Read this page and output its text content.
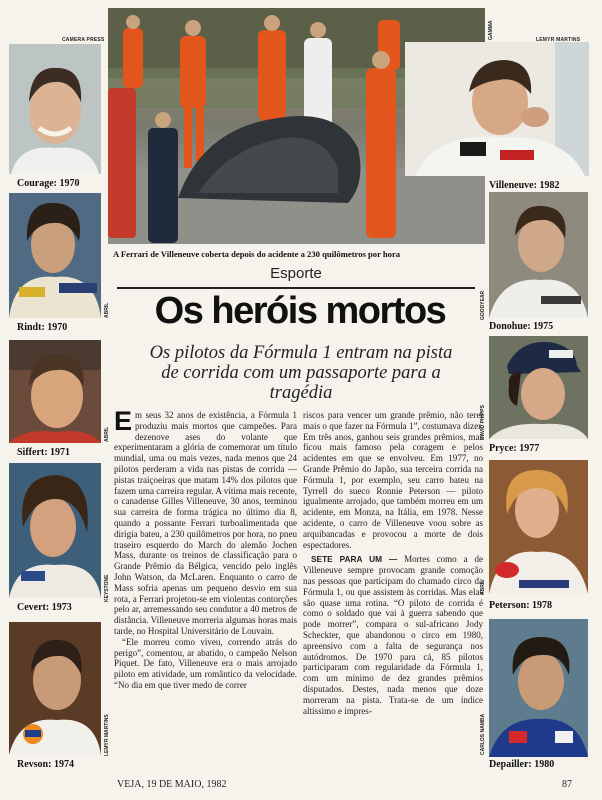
GAMMA
A Ferrari de Villeneuve coberta depois do acidente a 230 quilômetros por hora
LEMYR MARTINS
Villeneuve: 1982
CAMERA PRESS
Courage: 1970
ABRIL
Rindt: 1970
ABRIL
Siffert: 1971
KEYSTONE
Cevert: 1973
LEMYR MARTINS
Revson: 1974
GOODYEAR
Donohue: 1975
DAVID PHIPPS
Pryce: 1977
ABRIL
Peterson: 1978
CARLOS NAMBA
Depailler: 1980
Esporte
Os heróis mortos
Os pilotos da Fórmula 1 entram na pista de corrida com um passaporte para a tragédia

Em seus 32 anos de existência, a Fórmula 1 produziu mais mortos que campeões. Para dezenove ases do volante que experimentaram a glória de comemorar um título mundial, uma ou mais vezes, nada menos que 24 pilotos perderam a vida nas pistas de corrida — pistas traiçoeiras que matam 14% dos pilotos que fazem uma carreira regular. A vítima mais recente, o canadense Gilles Villeneuve, 30 anos, terminou sua carreira de forma trágica no último dia 8, quando a possante Ferrari turboalimentada que dirigia bateu, a 230 quilômetros por hora, no pneu traseiro esquerdo do March do alemão Jochen Mass, durante os treinos de classificação para o Grande Prêmio da Bélgica, vencido pelo inglês John Watson, da McLaren. Enquanto o carro de Mass sofria apenas um pequeno desvio em sua rota, a Ferrari projetou-se em violentas contorções pelo ar, arremessando seu condutor a 40 metros de distância. Villeneuve morreria algumas horas mais tarde, no Hospital Universitário de Louvain.

“Ele morreu como viveu, correndo atrás do perigo”, comentou, ar abatido, o campeão Nelson Piquet. De fato, Villeneuve era o mais arrojado piloto em atividade, um romântico da velocidade. “No dia em que tiver medo de correr

riscos para vencer um grande prêmio, não terei mais o que fazer na Fórmula 1”, costumava dizer. Em três anos, ganhou seis grandes prêmios, mas ficou mais famoso pela coragem e pelos acidentes em que se envolveu. Em 1977, no Grande Prêmio do Japão, sua terceira corrida na Fórmula 1, por exemplo, seu carro bateu na Tyrrell do sueco Ronnie Peterson — piloto igualmente arrojado, que também morreu em um acidente, em Monza, na Itália, em 1978. Nesse acidente, o carro de Villeneuve voou sobre as arquibancadas e provocou a morte de dois espectadores.

SETE PARA UM — Mortes como a de Villeneuve sempre provocam grande comoção nas pessoas que participam do chamado circo da Fórmula 1, ou que assistem às corridas. Mas elas são quase uma rotina. “O piloto de corrida é como o soldado que vai à guerra sabendo que pode morrer”, compara o sul-africano Jody Scheckter, que abandonou o circo em 1980, apreensivo com a falta de segurança nos autódromos. De 1970 para cá, 85 pilotos participaram com regularidade da Fórmula 1, com um mínimo de dez grandes prêmios disputados. Destes, nada menos que doze morreram na pista. Trata-se de um índice altíssimo e impres-

VEJA, 19 DE MAIO, 1982	87
